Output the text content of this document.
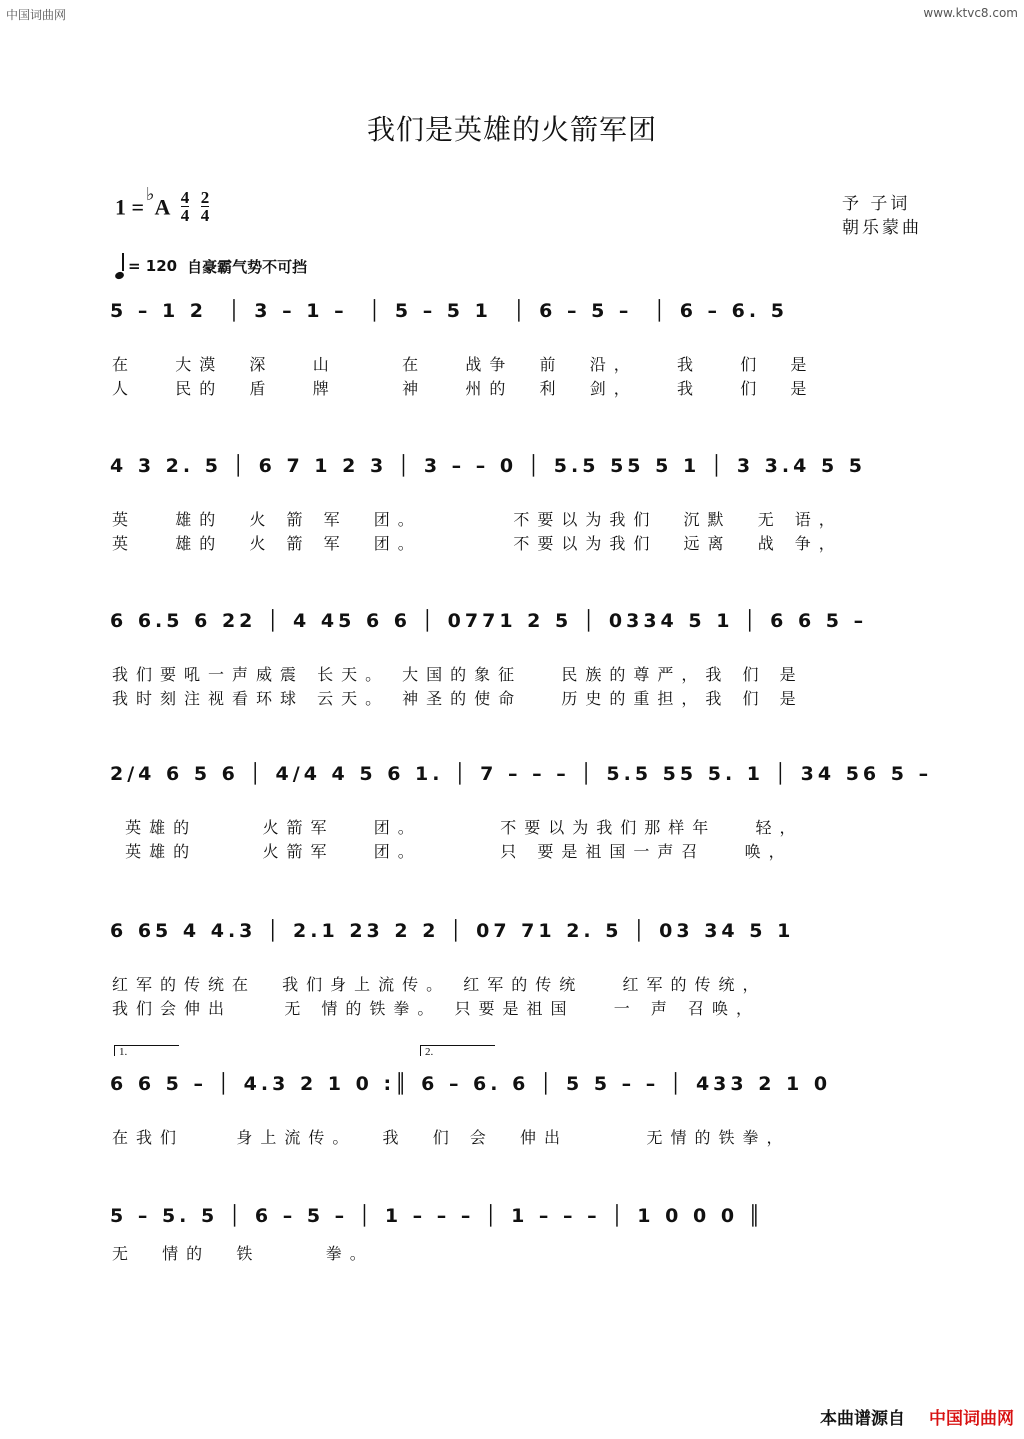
中国词曲网	www.ktvc8.com
我们是英雄的火箭军团
$1 =^♭A \frac{4}{4} \frac{2}{4}$	予 子词
朝乐蒙曲
= 120 自豪霸气势不可挡
5 – 1 2  │ 3 – 1 –  │ 5 – 5 1  │ 6 – 5 –  │ 6 – 6. 5
在   大漠  深   山     在   战争  前  沿，   我   们  是
人   民的  盾   牌     神   州的  利  剑，   我   们  是
4 3 2. 5 │ 6 7 1 2 3 │ 3 – – 0 │ 5.5 55 5 1 │ 3 3.4 5 5
英   雄的  火 箭 军  团。       不要以为我们  沉默  无 语，
英   雄的  火 箭 军  团。       不要以为我们  远离  战 争，
6 6.5 6 22 │ 4 45 6 6 │ 0771 2 5 │ 0334 5 1 │ 6 6 5 –
我们要吼一声威震 长天。 大国的象征   民族的尊严，我 们 是
我时刻注视看环球 云天。 神圣的使命   历史的重担，我 们 是
2/4 6 5 6 │ 4/4 4 5 6 1. │ 7 – – – │ 5.5 55 5. 1 │ 34 56 5 –
英雄的     火箭军   团。      不要以为我们那样年   轻，
英雄的     火箭军   团。      只 要是祖国一声召   唤，
6 65 4 4.3 │ 2.1 23 2 2 │ 07 71 2. 5 │ 03 34 5 1
红军的传统在  我们身上流传。 红军的传统   红军的传统，
我们会伸出    无 情的铁拳。 只要是祖国   一 声 召唤，
1.	2.
6 6 5 – │ 4.3 2 1 0 :║ 6 – 6. 6 │ 5 5 – – │ 433 2 1 0
在我们    身上流传。  我  们 会  伸出      无情的铁拳，
5 – 5. 5 │ 6 – 5 – │ 1 – – – │ 1 – – – │ 1 0 0 0 ║
无  情的  铁     拳。
本曲谱源自 中国词曲网
